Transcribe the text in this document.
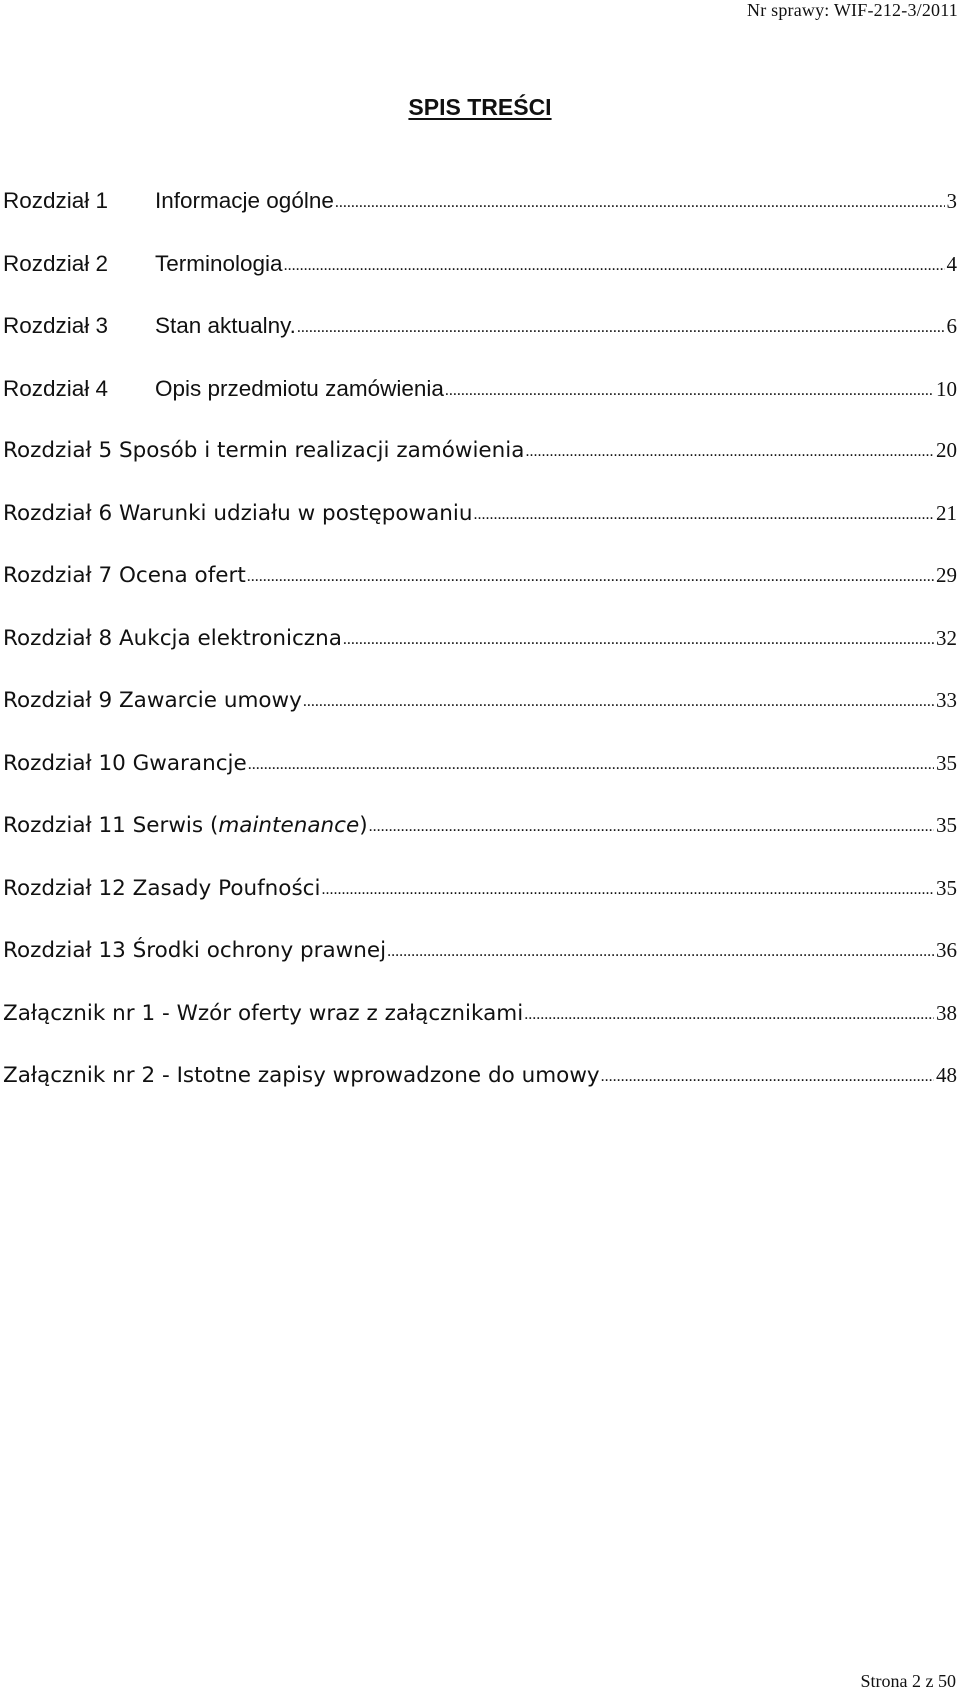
Nr sprawy: WIF-212-3/2011
SPIS TREŚCI
Rozdział 1	Informacje ogólne .....	3
Rozdział 2	Terminologia .....	4
Rozdział 3	Stan aktualny. .....	6
Rozdział 4	Opis przedmiotu zamówienia .....	10
Rozdział 5 Sposób i termin realizacji zamówienia .....	20
Rozdział 6 Warunki udziału w postępowaniu .....	21
Rozdział 7 Ocena ofert .....	29
Rozdział 8 Aukcja elektroniczna .....	32
Rozdział 9 Zawarcie umowy .....	33
Rozdział 10 Gwarancje .....	35
Rozdział 11 Serwis (maintenance) .....	35
Rozdział 12 Zasady Poufności .....	35
Rozdział 13 Środki ochrony prawnej .....	36
Załącznik nr 1 - Wzór oferty wraz z załącznikami .....	38
Załącznik nr 2 - Istotne zapisy wprowadzone do umowy .....	48
Strona 2 z 50
